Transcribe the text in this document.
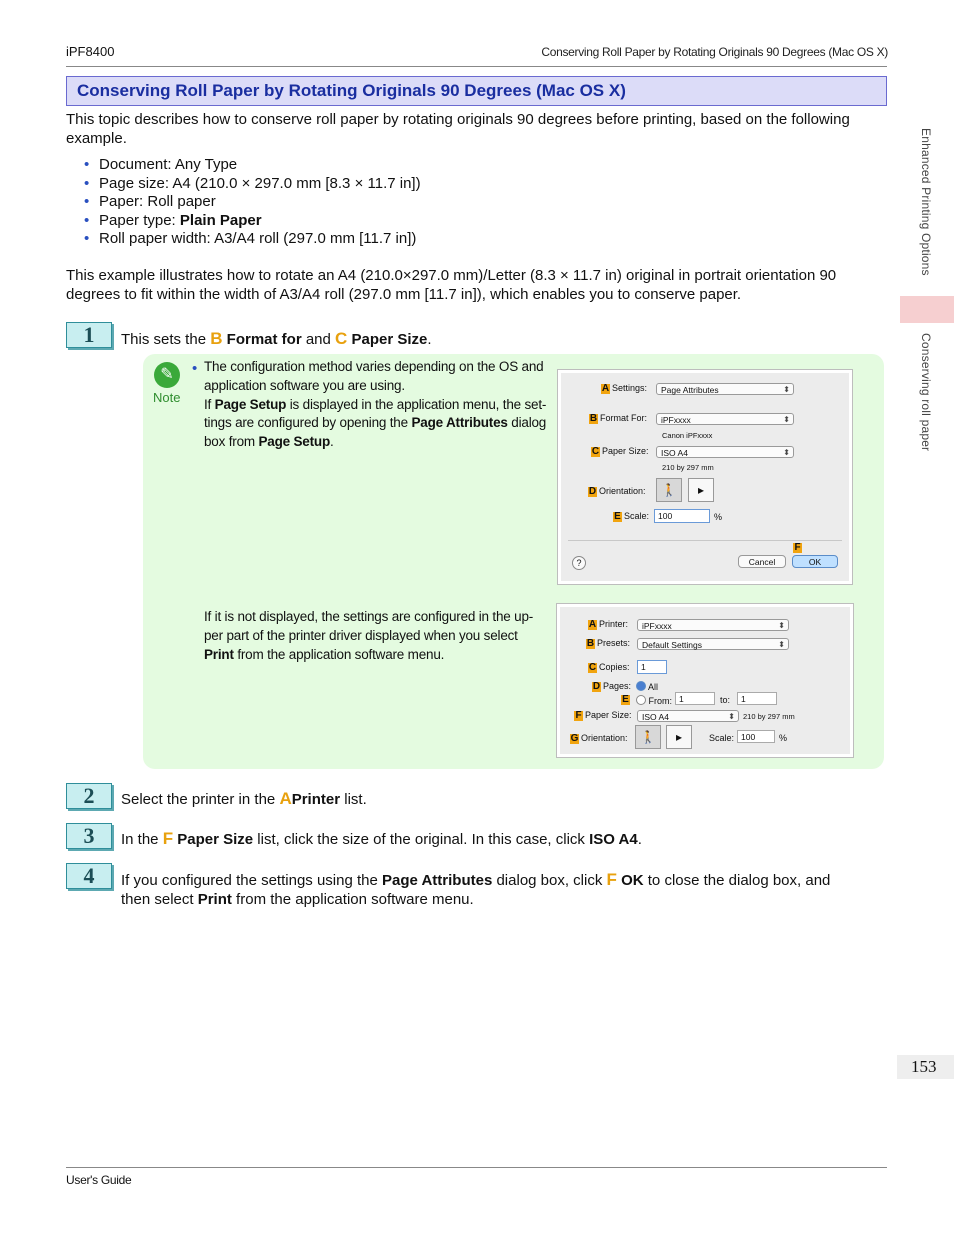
iPF8400	Conserving Roll Paper by Rotating Originals 90 Degrees (Mac OS X)
Conserving Roll Paper by Rotating Originals 90 Degrees (Mac OS X)
This topic describes how to conserve roll paper by rotating originals 90 degrees before printing, based on the following example.
• Document: Any Type
• Page size: A4 (210.0 × 297.0 mm [8.3 × 11.7 in])
• Paper: Roll paper
• Paper type: Plain Paper
• Roll paper width: A3/A4 roll (297.0 mm [11.7 in])
This example illustrates how to rotate an A4 (210.0×297.0 mm)/Letter (8.3 × 11.7 in) original in portrait orientation 90 degrees to fit within the width of A3/A4 roll (297.0 mm [11.7 in]), which enables you to conserve paper.
Enhanced Printing Options
Conserving roll paper
1	This sets the B Format for and C Paper Size.
✎
Note
• The configuration method varies depending on the OS and
application software you are using.
If Page Setup is displayed in the application menu, the set-
tings are configured by opening the Page Attributes dialog
box from Page Setup.
If it is not displayed, the settings are configured in the up-
per part of the printer driver displayed when you select
Print from the application software menu.
A Settings:	Page Attributes ⬍
B Format For:	iPFxxxx ⬍
Canon iPFxxxx
C Paper Size:	ISO A4 ⬍
210 by 297 mm
D Orientation:	🚶	▸
E Scale:	100	%
?
F
Cancel	OK
A Printer:	iPFxxxx ⬍
B Presets:	Default Settings ⬍
C Copies:	1
D Pages:	All
E	From: 1	to:	1
F Paper Size:	ISO A4 ⬍	210 by 297 mm
G Orientation:	🚶	▸	Scale: 100	%
2	Select the printer in the APrinter list.
3	In the F Paper Size list, click the size of the original. In this case, click ISO A4.
4	If you configured the settings using the Page Attributes dialog box, click F OK to close the dialog box, and
then select Print from the application software menu.
153
User's Guide
